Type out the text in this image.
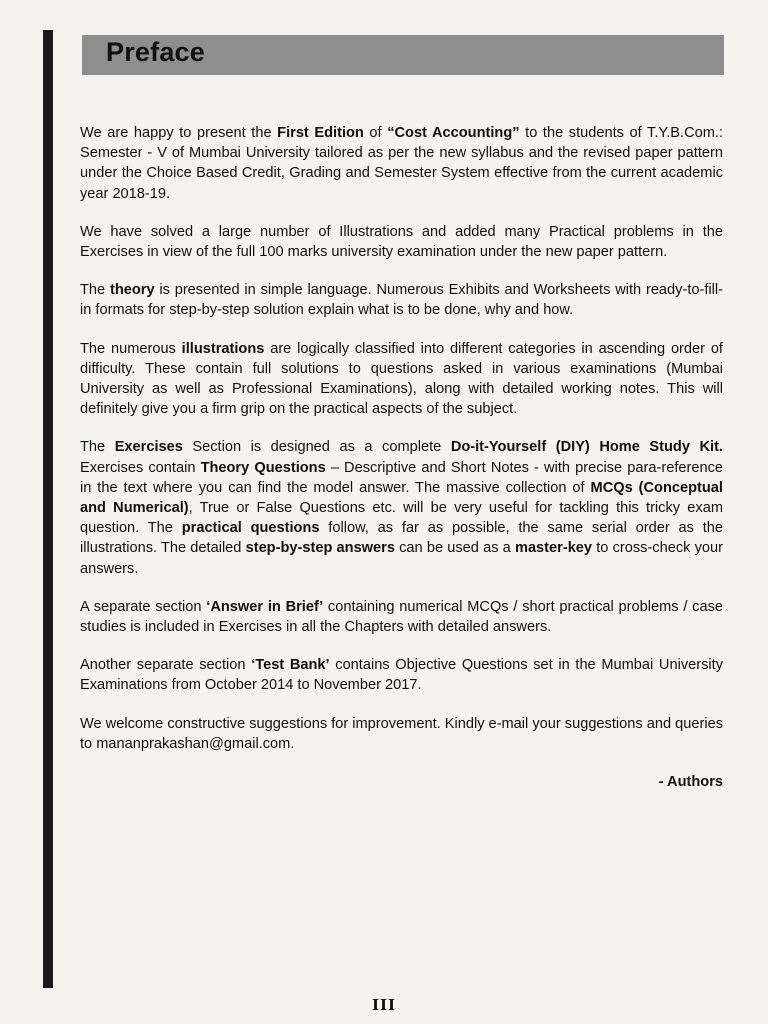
Preface

We are happy to present the First Edition of “Cost Accounting” to the students of T.Y.B.Com.: Semester - V of Mumbai University tailored as per the new syllabus and the revised paper pattern under the Choice Based Credit, Grading and Semester System effective from the current academic year 2018-19.

We have solved a large number of Illustrations and added many Practical problems in the Exercises in view of the full 100 marks university examination under the new paper pattern.

The theory is presented in simple language. Numerous Exhibits and Worksheets with ready-to-fill-in formats for step-by-step solution explain what is to be done, why and how.

The numerous illustrations are logically classified into different categories in ascending order of difficulty. These contain full solutions to questions asked in various examinations (Mumbai University as well as Professional Examinations), along with detailed working notes. This will definitely give you a firm grip on the practical aspects of the subject.

The Exercises Section is designed as a complete Do-it-Yourself (DIY) Home Study Kit. Exercises contain Theory Questions – Descriptive and Short Notes - with precise para-reference in the text where you can find the model answer. The massive collection of MCQs (Conceptual and Numerical), True or False Questions etc. will be very useful for tackling this tricky exam question. The practical questions follow, as far as possible, the same serial order as the illustrations. The detailed step-by-step answers can be used as a master-key to cross-check your answers.

A separate section ‘Answer in Brief’ containing numerical MCQs / short practical problems / case studies is included in Exercises in all the Chapters with detailed answers.

Another separate section ‘Test Bank’ contains Objective Questions set in the Mumbai University Examinations from October 2014 to November 2017.

We welcome constructive suggestions for improvement. Kindly e-mail your suggestions and queries to mananprakashan@gmail.com.

- Authors
III
